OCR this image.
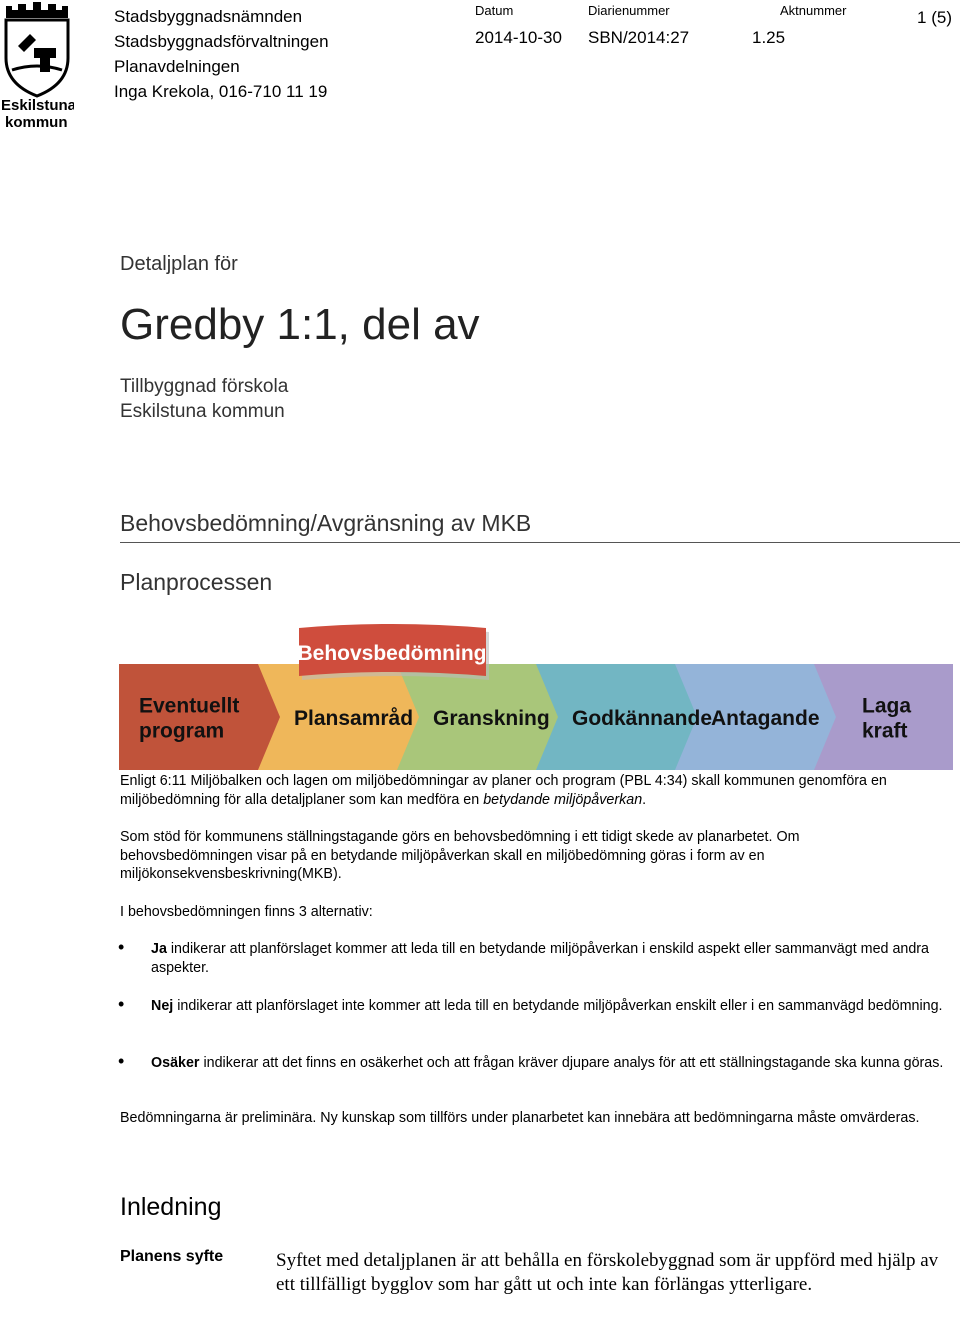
Eskilstuna
kommun
Stadsbyggnadsnämnden
Stadsbyggnadsförvaltningen
Planavdelningen
Inga Krekola, 016-710 11 19
Datum
2014-10-30
Diarienummer
SBN/2014:27
Aktnummer
1.25
1 (5)
Detaljplan för
Gredby 1:1, del av
Tillbyggnad förskola
Eskilstuna kommun
Behovsbedömning/Avgränsning av MKB
Planprocessen
Laga
kraft
Antagande
Godkännande
Granskning
Plansamråd
Eventuellt
program
Behovsbedömning
Enligt 6:11 Miljöbalken och lagen om miljöbedömningar av planer och program (PBL 4:34) skall kommunen genomföra en miljöbedömning för alla detaljplaner som kan medföra en betydande miljöpåverkan.
Som stöd för kommunens ställningstagande görs en behovsbedömning i ett tidigt skede av planarbetet. Om behovsbedömningen visar på en betydande miljöpåverkan skall en miljöbedömning göras i form av en miljökonsekvensbeskrivning(MKB).
I behovsbedömningen finns 3 alternativ:
• Ja indikerar att planförslaget kommer att leda till en betydande miljöpåverkan i enskild aspekt eller sammanvägt med andra aspekter.
• Nej indikerar att planförslaget inte kommer att leda till en betydande miljöpåverkan enskilt eller i en sammanvägd bedömning.
• Osäker indikerar att det finns en osäkerhet och att frågan kräver djupare analys för att ett ställningstagande ska kunna göras.
Bedömningarna är preliminära. Ny kunskap som tillförs under planarbetet kan innebära att bedömningarna måste omvärderas.
Inledning
Planens syfte	Syftet med detaljplanen är att behålla en förskolebyggnad som är uppförd med hjälp av ett tillfälligt bygglov som har gått ut och inte kan förlängas ytterligare.
